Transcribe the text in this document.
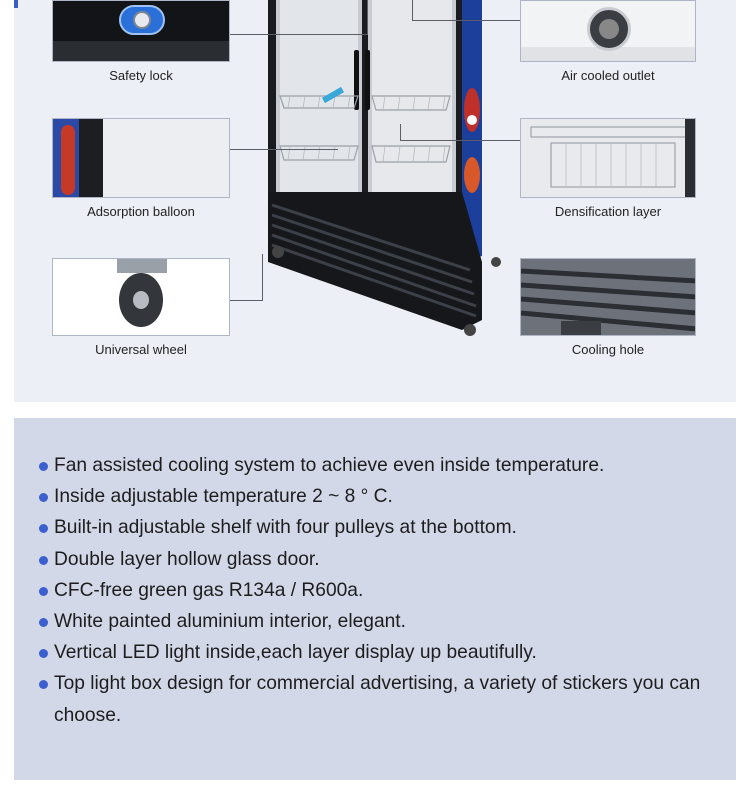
Safety lock	Air cooled outlet
Adsorption balloon	Densification layer
Universal wheel	Cooling hole
Fan assisted cooling system to achieve even inside temperature.
Inside adjustable temperature 2 ~ 8 ° C.
Built-in adjustable shelf with four pulleys at the bottom.
Double layer hollow glass door.
CFC-free green gas R134a / R600a.
White painted aluminium interior, elegant.
Vertical LED light inside,each layer display up beautifully.
Top light box design for commercial advertising, a variety of stickers you can choose.
